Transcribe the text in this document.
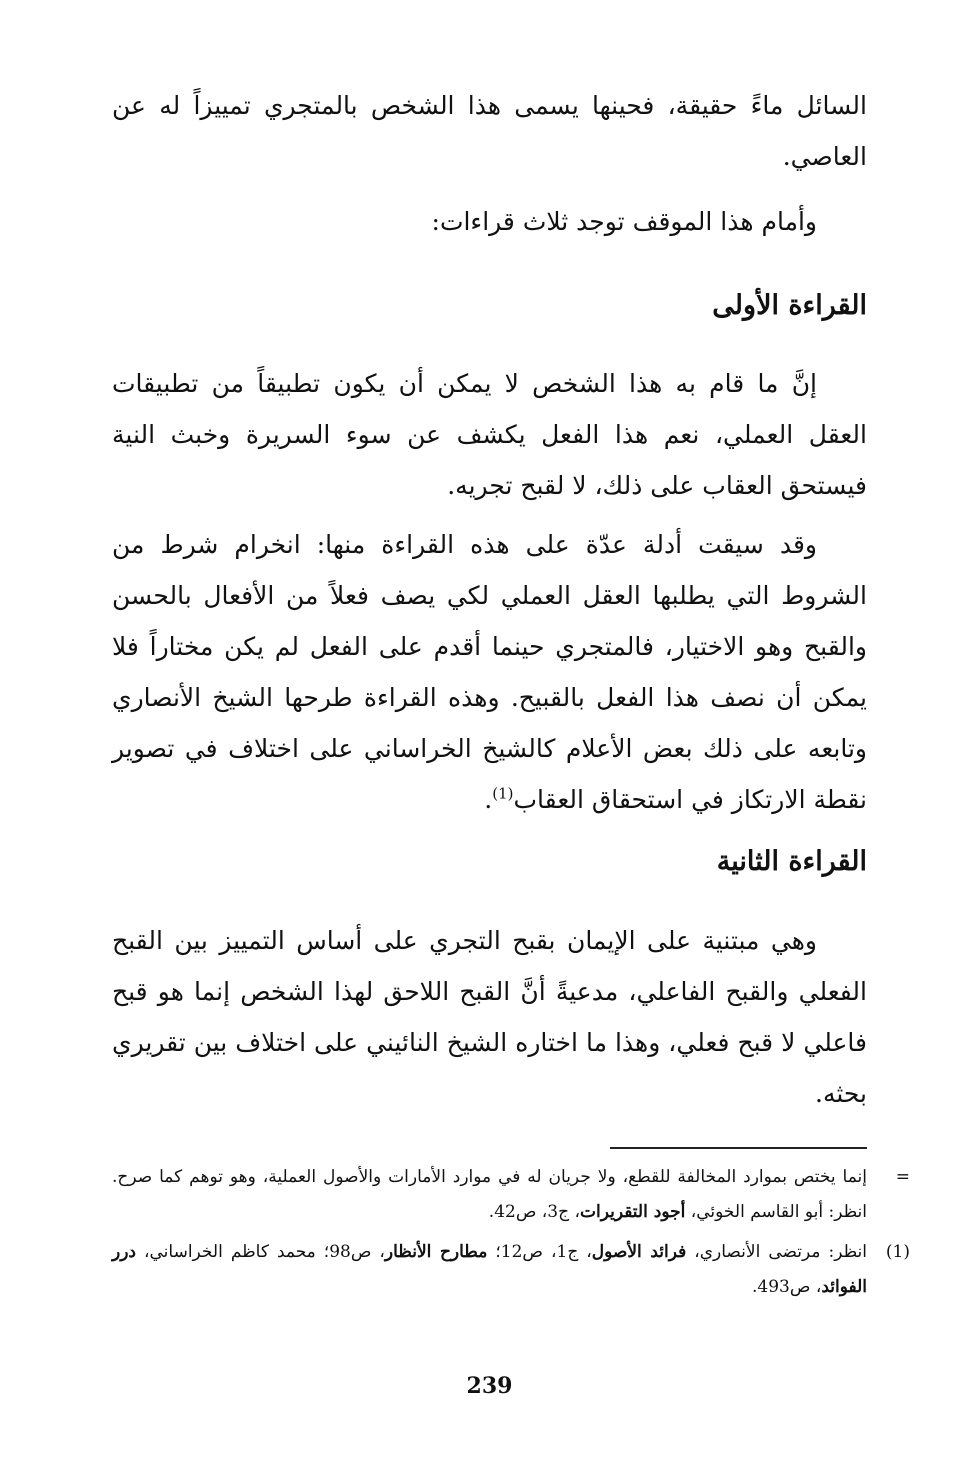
السائل ماءً حقيقة، فحينها يسمى هذا الشخص بالمتجري تمييزاً له عن العاصي.

وأمام هذا الموقف توجد ثلاث قراءات:

القراءة الأولى

إنَّ ما قام به هذا الشخص لا يمكن أن يكون تطبيقاً من تطبيقات العقل العملي، نعم هذا الفعل يكشف عن سوء السريرة وخبث النية فيستحق العقاب على ذلك، لا لقبح تجريه.

وقد سيقت أدلة عدّة على هذه القراءة منها: انخرام شرط من الشروط التي يطلبها العقل العملي لكي يصف فعلاً من الأفعال بالحسن والقبح وهو الاختيار، فالمتجري حينما أقدم على الفعل لم يكن مختاراً فلا يمكن أن نصف هذا الفعل بالقبيح. وهذه القراءة طرحها الشيخ الأنصاري وتابعه على ذلك بعض الأعلام كالشيخ الخراساني على اختلاف في تصوير نقطة الارتكاز في استحقاق العقاب$^{(1)}$.

القراءة الثانية

وهي مبتنية على الإيمان بقبح التجري على أساس التمييز بين القبح الفعلي والقبح الفاعلي، مدعيةً أنَّ القبح اللاحق لهذا الشخص إنما هو قبح فاعلي لا قبح فعلي، وهذا ما اختاره الشيخ النائيني على اختلاف بين تقريري بحثه.

=إنما يختص بموارد المخالفة للقطع، ولا جريان له في موارد الأمارات والأصول العملية، وهو توهم كما صرح. انظر: أبو القاسم الخوئي، أجود التقريرات، ج3، ص42.

(1)انظر: مرتضى الأنصاري، فرائد الأصول، ج1، ص12؛ مطارح الأنظار، ص98؛ محمد كاظم الخراساني، درر الفوائد، ص493.

239
